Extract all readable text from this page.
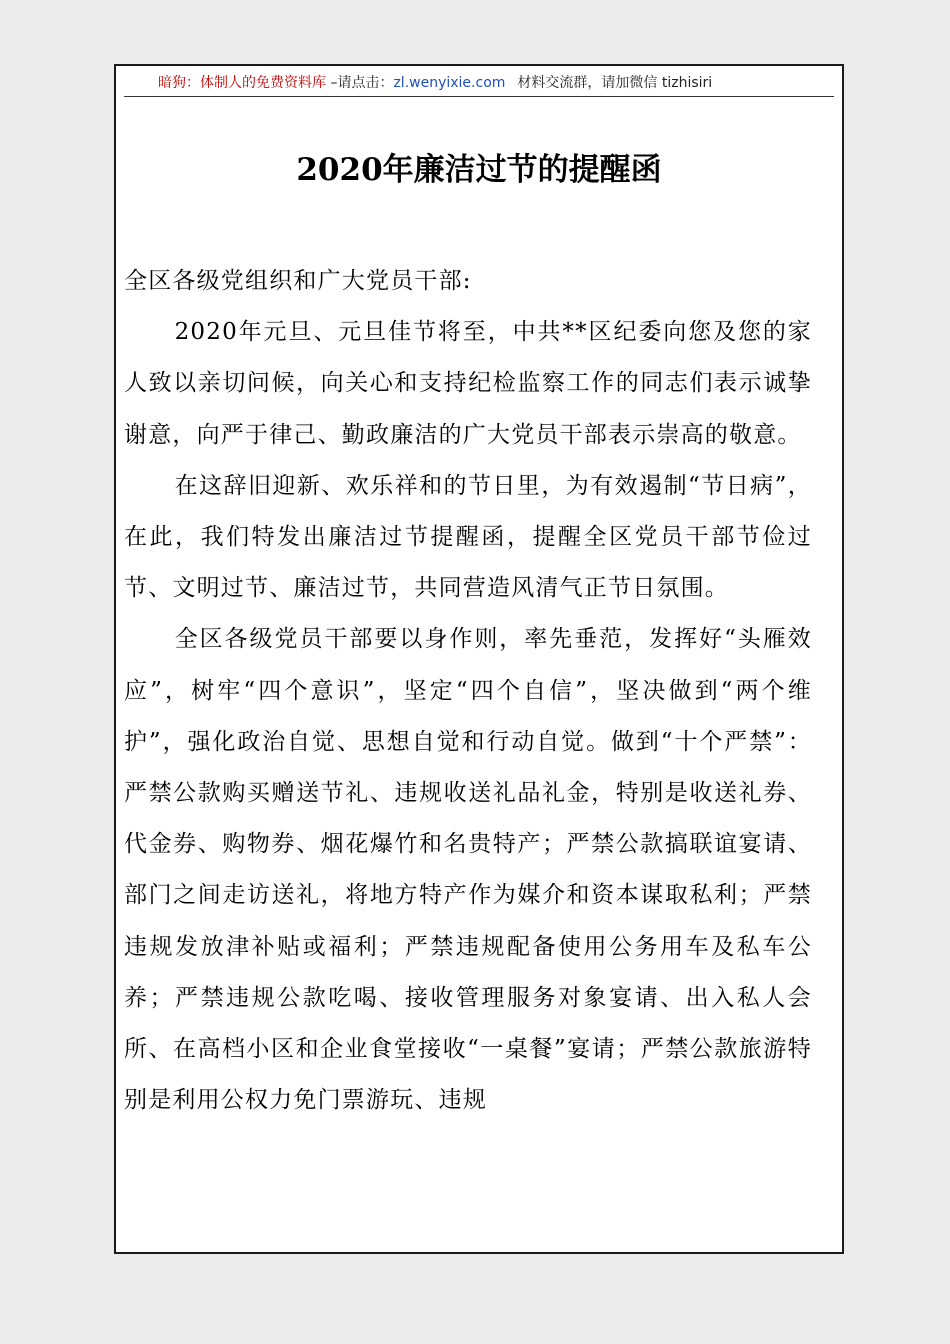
暗狗：体制人的免费资料库 –请点击：zl.wenyixie.com 材料交流群，请加微信 tizhisiri
2020年廉洁过节的提醒函

全区各级党组织和广大党员干部:

2020年元旦、元旦佳节将至，中共**区纪委向您及您的家人致以亲切问候，向关心和支持纪检监察工作的同志们表示诚挚谢意，向严于律己、勤政廉洁的广大党员干部表示崇高的敬意。

在这辞旧迎新、欢乐祥和的节日里，为有效遏制“节日病”，在此，我们特发出廉洁过节提醒函，提醒全区党员干部节俭过节、文明过节、廉洁过节，共同营造风清气正节日氛围。

全区各级党员干部要以身作则，率先垂范，发挥好“头雁效应”，树牢“四个意识”，坚定“四个自信”，坚决做到“两个维护”，强化政治自觉、思想自觉和行动自觉。做到“十个严禁”：严禁公款购买赠送节礼、违规收送礼品礼金，特别是收送礼券、代金券、购物券、烟花爆竹和名贵特产；严禁公款搞联谊宴请、部门之间走访送礼，将地方特产作为媒介和资本谋取私利；严禁违规发放津补贴或福利；严禁违规配备使用公务用车及私车公养；严禁违规公款吃喝、接收管理服务对象宴请、出入私人会所、在高档小区和企业食堂接收“一桌餐”宴请；严禁公款旅游特别是利用公权力免门票游玩、违规
